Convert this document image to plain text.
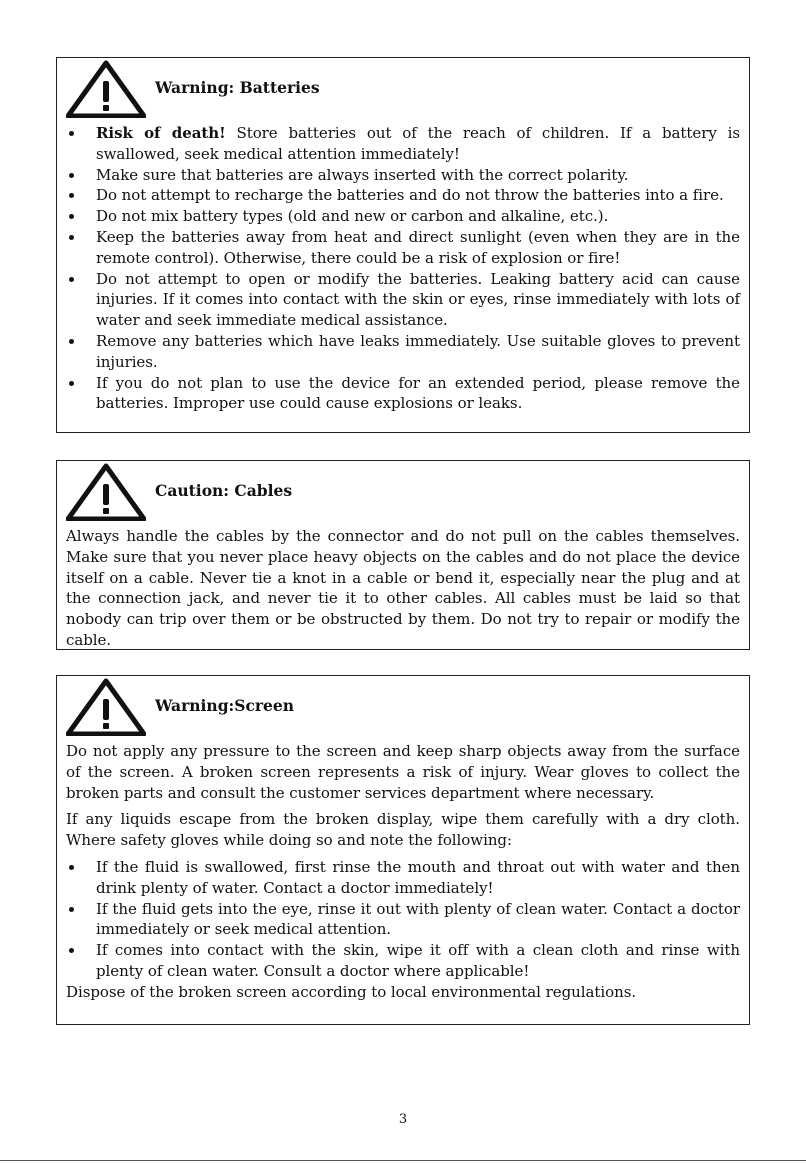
Warning: Batteries
Risk of death! Store batteries out of the reach of children. If a battery is swallowed, seek medical attention immediately!
Make sure that batteries are always inserted with the correct polarity.
Do not attempt to recharge the batteries and do not throw the batteries into a fire.
Do not mix battery types (old and new or carbon and alkaline, etc.).
Keep the batteries away from heat and direct sunlight (even when they are in the remote control). Otherwise, there could be a risk of explosion or fire!
Do not attempt to open or modify the batteries. Leaking battery acid can cause injuries. If it comes into contact with the skin or eyes, rinse immediately with lots of water and seek immediate medical assistance.
Remove any batteries which have leaks immediately. Use suitable gloves to prevent injuries.
If you do not plan to use the device for an extended period, please remove the batteries. Improper use could cause explosions or leaks.
Caution: Cables

Always handle the cables by the connector and do not pull on the cables themselves. Make sure that you never place heavy objects on the cables and do not place the device itself on a cable. Never tie a knot in a cable or bend it, especially near the plug and at the connection jack, and never tie it to other cables. All cables must be laid so that nobody can trip over them or be obstructed by them. Do not try to repair or modify the cable.

Warning:Screen

Do not apply any pressure to the screen and keep sharp objects away from the surface of the screen. A broken screen represents a risk of injury. Wear gloves to collect the broken parts and consult the customer services department where necessary.

If any liquids escape from the broken display, wipe them carefully with a dry cloth. Where safety gloves while doing so and note the following:

If the fluid is swallowed, first rinse the mouth and throat out with water and then drink plenty of water. Contact a doctor immediately!
If the fluid gets into the eye, rinse it out with plenty of clean water. Contact a doctor immediately or seek medical attention.
If comes into contact with the skin, wipe it off with a clean cloth and rinse with plenty of clean water. Consult a doctor where applicable!

Dispose of the broken screen according to local environmental regulations.

3
